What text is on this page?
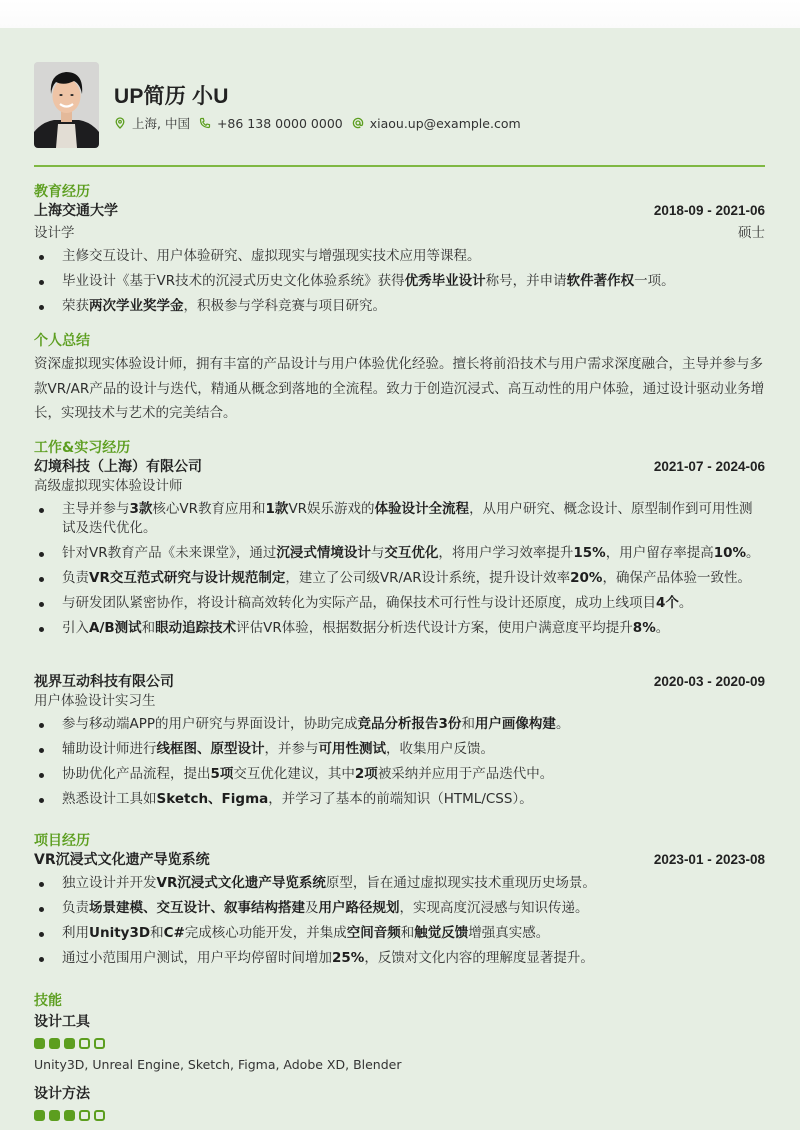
UP简历 小U
上海, 中国 +86 138 0000 0000 xiaou.up@example.com
教育经历
上海交通大学	2018-09 - 2021-06
设计学	硕士
主修交互设计、用户体验研究、虚拟现实与增强现实技术应用等课程。
毕业设计《基于VR技术的沉浸式历史文化体验系统》获得优秀毕业设计称号，并申请软件著作权一项。
荣获两次学业奖学金，积极参与学科竞赛与项目研究。
个人总结
资深虚拟现实体验设计师，拥有丰富的产品设计与用户体验优化经验。擅长将前沿技术与用户需求深度融合，主导并参与多款VR/AR产品的设计与迭代，精通从概念到落地的全流程。致力于创造沉浸式、高互动性的用户体验，通过设计驱动业务增长，实现技术与艺术的完美结合。
工作&实习经历
幻境科技（上海）有限公司	2021-07 - 2024-06
高级虚拟现实体验设计师
主导并参与3款核心VR教育应用和1款VR娱乐游戏的体验设计全流程，从用户研究、概念设计、原型制作到可用性测试及迭代优化。
针对VR教育产品《未来课堂》，通过沉浸式情境设计与交互优化，将用户学习效率提升15%，用户留存率提高10%。
负责VR交互范式研究与设计规范制定，建立了公司级VR/AR设计系统，提升设计效率20%，确保产品体验一致性。
与研发团队紧密协作，将设计稿高效转化为实际产品，确保技术可行性与设计还原度，成功上线项目4个。
引入A/B测试和眼动追踪技术评估VR体验，根据数据分析迭代设计方案，使用户满意度平均提升8%。
视界互动科技有限公司	2020-03 - 2020-09
用户体验设计实习生
参与移动端APP的用户研究与界面设计，协助完成竞品分析报告3份和用户画像构建。
辅助设计师进行线框图、原型设计，并参与可用性测试，收集用户反馈。
协助优化产品流程，提出5项交互优化建议，其中2项被采纳并应用于产品迭代中。
熟悉设计工具如Sketch、Figma，并学习了基本的前端知识（HTML/CSS）。
项目经历
VR沉浸式文化遗产导览系统	2023-01 - 2023-08
独立设计并开发VR沉浸式文化遗产导览系统原型，旨在通过虚拟现实技术重现历史场景。
负责场景建模、交互设计、叙事结构搭建及用户路径规划，实现高度沉浸感与知识传递。
利用Unity3D和C#完成核心功能开发，并集成空间音频和触觉反馈增强真实感。
通过小范围用户测试，用户平均停留时间增加25%，反馈对文化内容的理解度显著提升。
技能
设计工具
Unity3D, Unreal Engine, Sketch, Figma, Adobe XD, Blender
设计方法
